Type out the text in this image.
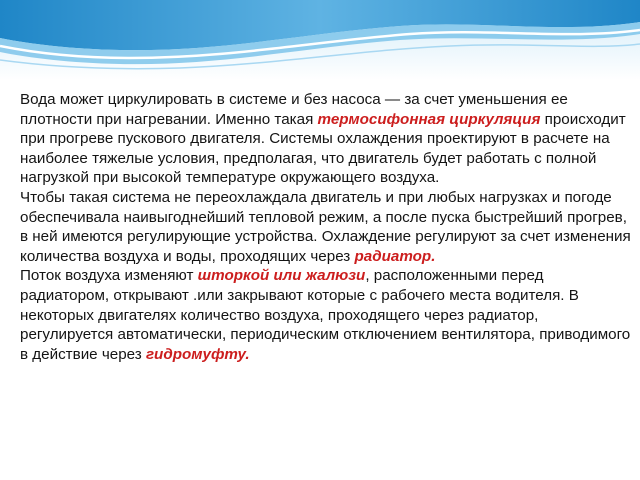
Вода может циркулировать в системе и без насоса — за счет уменьшения ее плотности при нагревании. Именно такая термосифонная циркуляция происходит при прогреве пускового двигателя. Системы охлаждения проектируют в расчете на наиболее тяжелые условия, предполагая, что двигатель будет работать с полной нагрузкой при высокой температуре окружающего воздуха.

Чтобы такая система не переохлаждала двигатель и при любых нагрузках и погоде обеспечивала наивыгоднейший тепловой режим, а после пуска быстрейший прогрев, в ней имеются регулирующие устройства. Охлаждение регулируют за счет изменения количества воздуха и воды, проходящих через радиатор.

Поток воздуха изменяют шторкой или жалюзи, расположенными перед радиатором, открывают .или закрывают которые с рабочего места водителя. В некоторых двигателях количество воздуха, проходящего через радиатор, регулируется автоматически, периодическим отключением вентилятора, приводимого в действие через гидромуфту.
